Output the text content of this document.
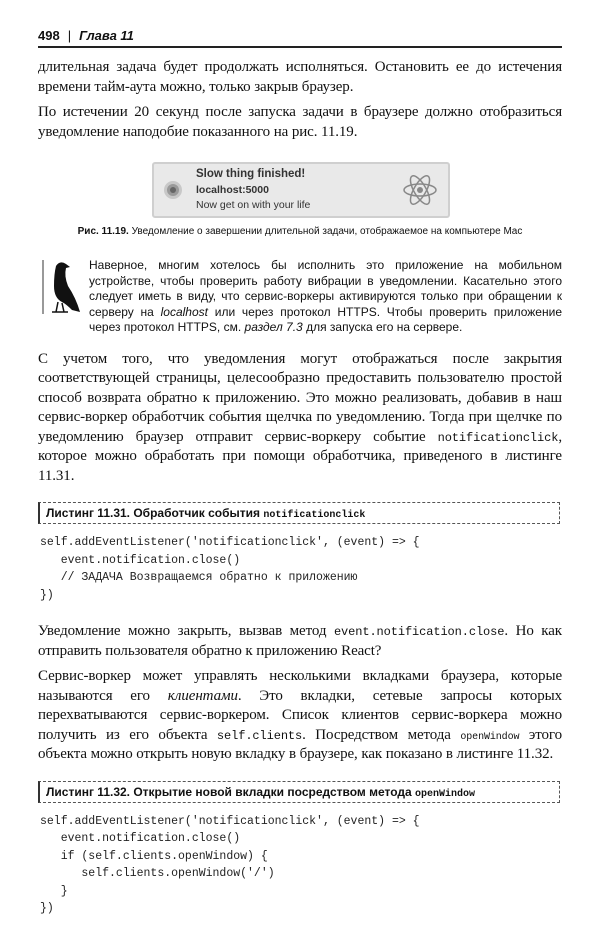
498 | Глава 11

длительная задача будет продолжать исполняться. Остановить ее до истечения времени тайм-аута можно, только закрыв браузер.

По истечении 20 секунд после запуска задачи в браузере должно отобразиться уведомление наподобие показанного на рис. 11.19.

Slow thing finished!
localhost:5000
Now get on with your life
Рис. 11.19. Уведомление о завершении длительной задачи, отображаемое на компьютере Mac
Наверное, многим хотелось бы исполнить это приложение на мобильном устройстве, чтобы проверить работу вибрации в уведомлении. Касательно этого следует иметь в виду, что сервис-воркеры активируются только при обращении к серверу на localhost или через протокол HTTPS. Чтобы проверить приложение через протокол HTTPS, см. раздел 7.3 для запуска его на сервере.

С учетом того, что уведомления могут отображаться после закрытия соответствующей страницы, целесообразно предоставить пользователю простой способ возврата обратно к приложению. Это можно реализовать, добавив в наш сервис-воркер обработчик события щелчка по уведомлению. Тогда при щелчке по уведомлению браузер отправит сервис-воркеру событие notificationclick, которое можно обработать при помощи обработчика, приведеного в листинге 11.31.

Листинг 11.31. Обработчик события notificationclick
self.addEventListener('notificationclick', (event) => {
event.notification.close()
// ЗАДАЧА Возвращаемся обратно к приложению
})

Уведомление можно закрыть, вызвав метод event.notification.close. Но как отправить пользователя обратно к приложению React?

Сервис-воркер может управлять несколькими вкладками браузера, которые называются его клиентами. Это вкладки, сетевые запросы которых перехватываются сервис-воркером. Список клиентов сервис-воркера можно получить из его объекта self.clients. Посредством метода openWindow этого объекта можно открыть новую вкладку в браузере, как показано в листинге 11.32.

Листинг 11.32. Открытие новой вкладки посредством метода openWindow
self.addEventListener('notificationclick', (event) => {
event.notification.close()
if (self.clients.openWindow) {
self.clients.openWindow('/')
}
})
